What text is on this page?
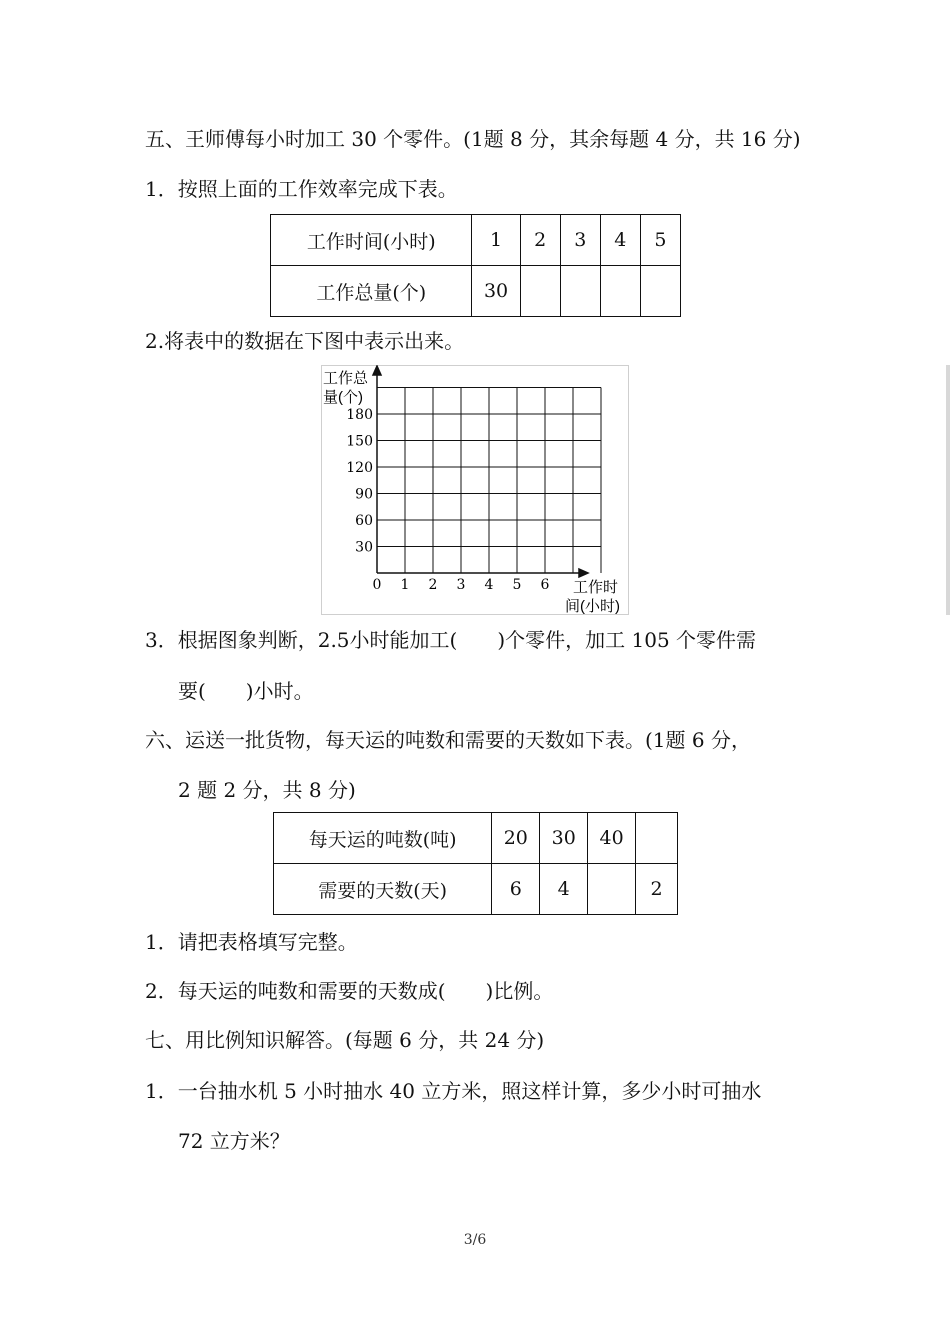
五、王师傅每小时加工 30 个零件。(1题 8 分，其余每题 4 分，共 16 分)
1．按照上面的工作效率完成下表。
工作时间(小时)	1	2	3	4	5
工作总量(个)	30				
2.将表中的数据在下图中表示出来。
工作总
量(个)
180
150
120
90
60
30
0 1 2 3 4 5 6 工作时
间(小时)
3．根据图象判断，2.5小时能加工(　　)个零件，加工 105 个零件需
要(　　)小时。
六、运送一批货物，每天运的吨数和需要的天数如下表。(1题 6 分，
2 题 2 分，共 8 分)
每天运的吨数(吨)	20	30	40	
需要的天数(天)	6	4		2
1．请把表格填写完整。
2．每天运的吨数和需要的天数成(　　)比例。
七、用比例知识解答。(每题 6 分，共 24 分)
1．一台抽水机 5 小时抽水 40 立方米，照这样计算，多少小时可抽水
72 立方米？
3/6
